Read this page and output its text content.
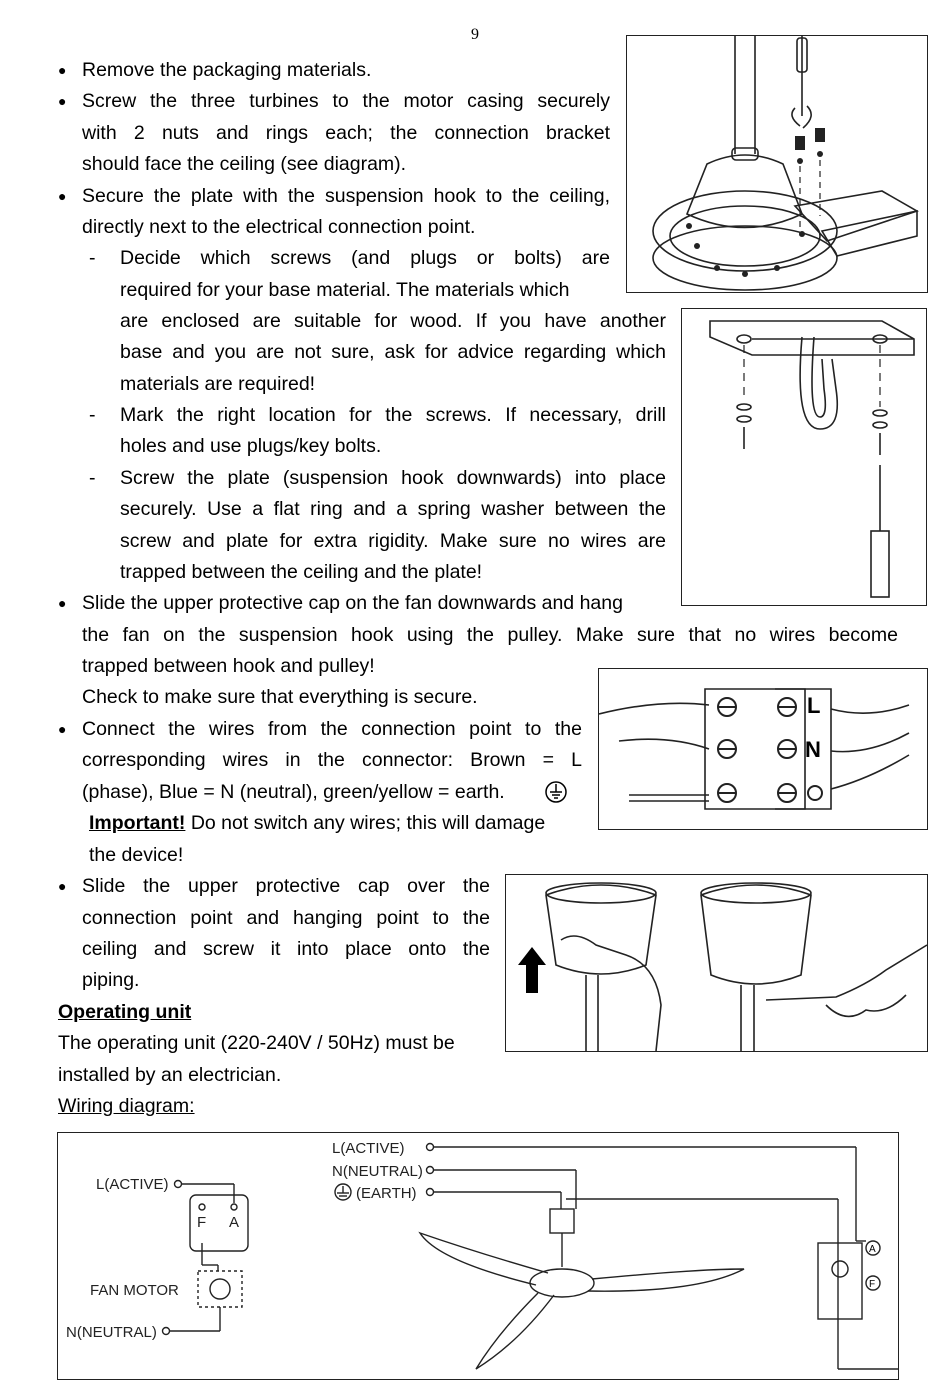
9
● Remove the packaging materials.
● Screw the three turbines to the motor casing securely
with 2 nuts and rings each; the connection bracket
should face the ceiling (see diagram).
● Secure the plate with the suspension hook to the ceiling,
directly next to the electrical connection point.
- Decide which screws (and plugs or bolts) are
required for your base material. The materials which
are enclosed are suitable for wood. If you have another
base and you are not sure, ask for advice regarding which
materials are required!
- Mark the right location for the screws. If necessary, drill
holes and use plugs/key bolts.
- Screw the plate (suspension hook downwards) into place
securely. Use a flat ring and a spring washer between the
screw and plate for extra rigidity. Make sure no wires are
trapped between the ceiling and the plate!
● Slide the upper protective cap on the fan downwards and hang
the fan on the suspension hook using the pulley. Make sure that no wires become
trapped between hook and pulley!
Check to make sure that everything is secure.
● Connect the wires from the connection point to the
corresponding wires in the connector: Brown = L
(phase), Blue = N (neutral), green/yellow = earth.
Important! Do not switch any wires; this will damage
the device!
● Slide the upper protective cap over the
connection point and hanging point to the
ceiling and screw it into place onto the
piping.
Operating unit
The operating unit (220-240V / 50Hz) must be
installed by an electrician.
Wiring diagram:
L
N
L(ACTIVE)
N(NEUTRAL)
(EARTH)
L(ACTIVE)
F A
FAN MOTOR
N(NEUTRAL)
A
F
